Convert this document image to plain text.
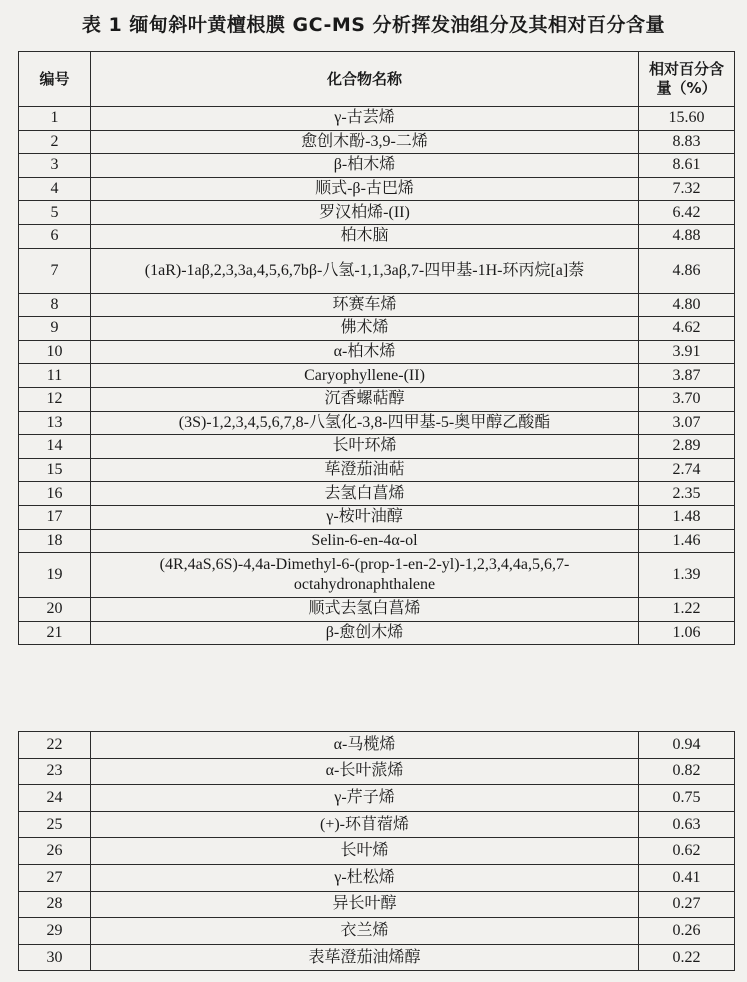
表 1 缅甸斜叶黄檀根膜 GC-MS 分析挥发油组分及其相对百分含量
编号	化合物名称	相对百分含量（%）
1	γ-古芸烯	15.60
2	愈创木酚-3,9-二烯	8.83
3	β-柏木烯	8.61
4	顺式-β-古巴烯	7.32
5	罗汉柏烯-(II)	6.42
6	柏木脑	4.88
7	(1aR)-1aβ,2,3,3a,4,5,6,7bβ-八氢-1,1,3aβ,7-四甲基-1H-环丙烷[a]萘	4.86
8	环赛车烯	4.80
9	佛术烯	4.62
10	α-柏木烯	3.91
11	Caryophyllene-(II)	3.87
12	沉香螺萜醇	3.70
13	(3S)-1,2,3,4,5,6,7,8-八氢化-3,8-四甲基-5-奥甲醇乙酸酯	3.07
14	长叶环烯	2.89
15	荜澄茄油萜	2.74
16	去氢白菖烯	2.35
17	γ-桉叶油醇	1.48
18	Selin-6-en-4α-ol	1.46
19	(4R,4aS,6S)-4,4a-Dimethyl-6-(prop-1-en-2-yl)-1,2,3,4,4a,5,6,7-octahydronaphthalene	1.39
20	顺式去氢白菖烯	1.22
21	β-愈创木烯	1.06
22	α-马榄烯	0.94
23	α-长叶蒎烯	0.82
24	γ-芹子烯	0.75
25	(+)-环苜蓿烯	0.63
26	长叶烯	0.62
27	γ-杜松烯	0.41
28	异长叶醇	0.27
29	衣兰烯	0.26
30	表荜澄茄油烯醇	0.22
